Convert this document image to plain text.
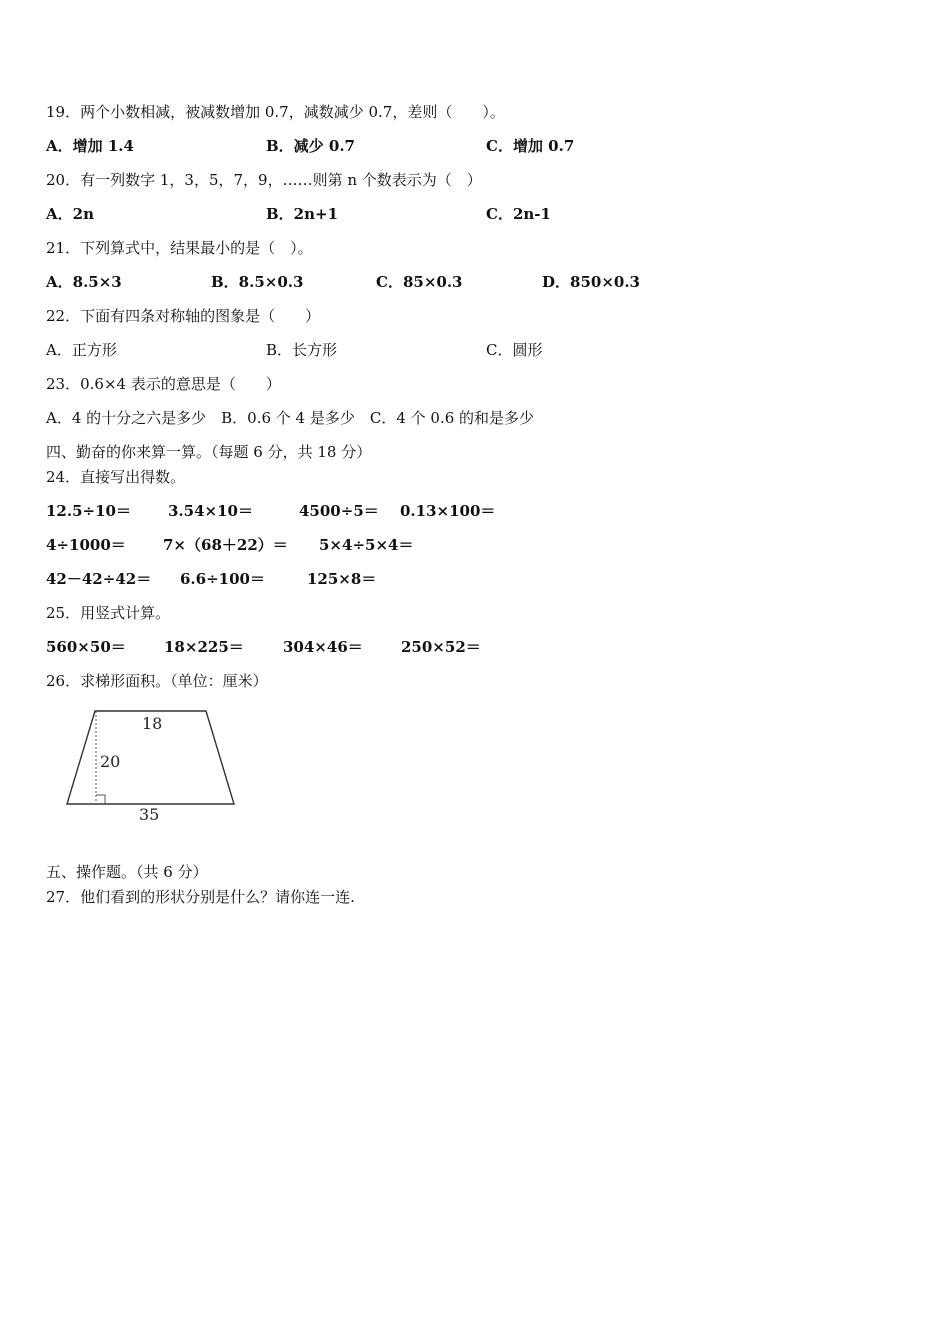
19．两个小数相减，被减数增加 0.7，减数减少 0.7，差则（　　）。
A．增加 1.4	B．减少 0.7	C．增加 0.7
20．有一列数字 1，3，5，7，9，……则第 n 个数表示为（　）
A．2n	B．2n+1	C．2n-1
21．下列算式中，结果最小的是（　）。
A．8.5×3	B．8.5×0.3	C．85×0.3	D．850×0.3
22．下面有四条对称轴的图象是（　　）
A．正方形	B．长方形	C．圆形
23．0.6×4 表示的意思是（　　）
A．4 的十分之六是多少　B．0.6 个 4 是多少　C．4 个 0.6 的和是多少
四、勤奋的你来算一算。（每题 6 分，共 18 分）
24．直接写出得数。
12.5÷10＝ 3.54×10＝	4500÷5＝ 0.13×100＝
4÷1000＝ 7×（68＋22）＝ 5×4÷5×4＝
42－42÷42＝ 6.6÷100＝	125×8＝
25．用竖式计算。
560×50＝	18×225＝	304×46＝	250×52＝
26．求梯形面积。（单位：厘米）
18
20
35
五、操作题。（共 6 分）
27．他们看到的形状分别是什么？请你连一连.
